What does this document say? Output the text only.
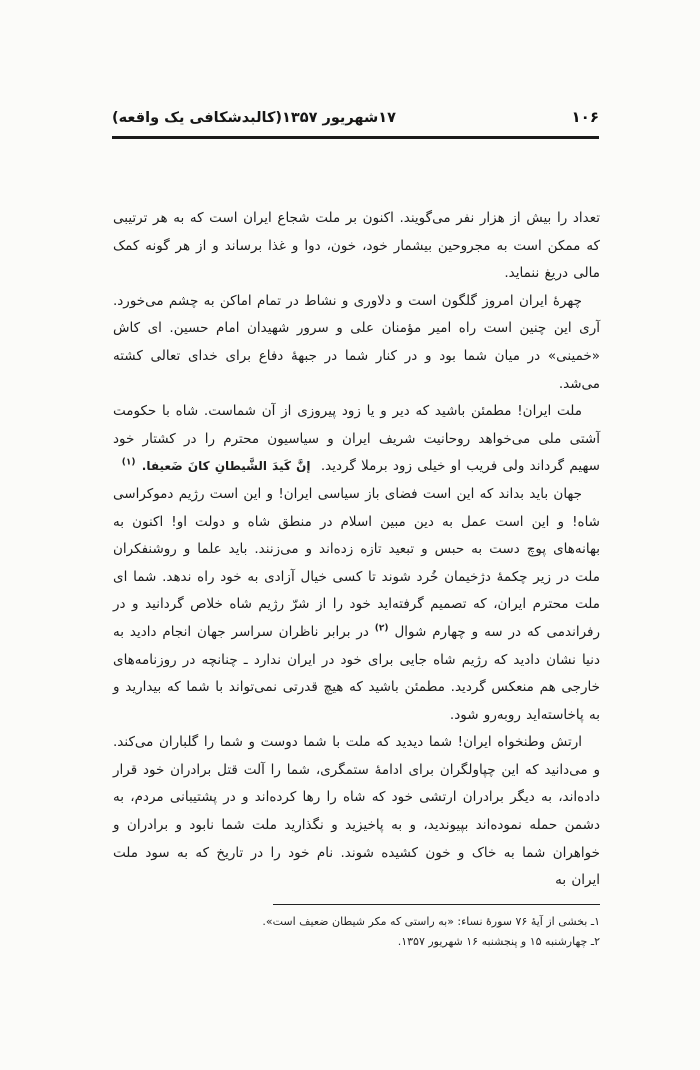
۱۷شهریور ۱۳۵۷(کالبدشکافی یک واقعه)	۱۰۶

تعداد را بیش از هزار نفر می‌گویند. اکنون بر ملت شجاع ایران است که به هر ترتیبی که ممکن است به مجروحین بیشمار خود، خون، دوا و غذا برساند و از هر گونه کمک مالی دریغ ننماید.

چهرهٔ ایران امروز گلگون است و دلاوری و نشاط در تمام اماکن به چشم می‌خورد. آری این چنین است راه امیر مؤمنان علی و سرور شهیدان امام حسین. ای کاش «خمینی» در میان شما بود و در کنار شما در جبههٔ دفاع برای خدای تعالی کشته می‌شد.

ملت ایران! مطمئن باشید که دیر و یا زود پیروزی از آن شماست. شاه با حکومت آشتی ملی می‌خواهد روحانیت شریف ایران و سیاسیون محترم را در کشتار خود سهیم گرداند ولی فریب او خیلی زود برملا گردید. إنَّ کَیدَ الشَّیطانِ کانَ ضَعیفا. $^{(۱)}$

جهان باید بداند که این است فضای باز سیاسی ایران! و این است رژیم دموکراسی شاه! و این است عمل به دین مبین اسلام در منطق شاه و دولت او! اکنون به بهانه‌های پوچ دست به حبس و تبعید تازه زده‌اند و می‌زنند. باید علما و روشنفکران ملت در زیر چکمهٔ دژخیمان خُرد شوند تا کسی خیال آزادی به خود راه ندهد. شما ای ملت محترم ایران، که تصمیم گرفته‌اید خود را از شرّ رژیم شاه خلاص گردانید و در رفراندمی که در سه و چهارم شوال $^{(۲)}$ در برابر ناظران سراسر جهان انجام دادید به دنیا نشان دادید که رژیم شاه جایی برای خود در ایران ندارد ـ چنانچه در روزنامه‌های خارجی هم منعکس گردید. مطمئن باشید که هیچ قدرتی نمی‌تواند با شما که بیدارید و به پاخاسته‌اید روبه‌رو شود.

ارتش وطنخواه ایران! شما دیدید که ملت با شما دوست و شما را گلباران می‌کند. و می‌دانید که این چپاولگران برای ادامهٔ ستمگری، شما را آلت قتل برادران خود قرار داده‌اند، به دیگر برادران ارتشی خود که شاه را رها کرده‌اند و در پشتیبانی مردم، به دشمن حمله نموده‌اند بپیوندید، و به پاخیزید و نگذارید ملت شما نابود و برادران و خواهران شما به خاک و خون کشیده شوند. نام خود را در تاریخ که به سود ملت ایران به

۱ـ بخشی از آیهٔ ۷۶ سورهٔ نساء: «به راستی که مکر شیطان ضعیف است».
۲ـ چهارشنبه ۱۵ و پنجشنبه ۱۶ شهریور ۱۳۵۷.
